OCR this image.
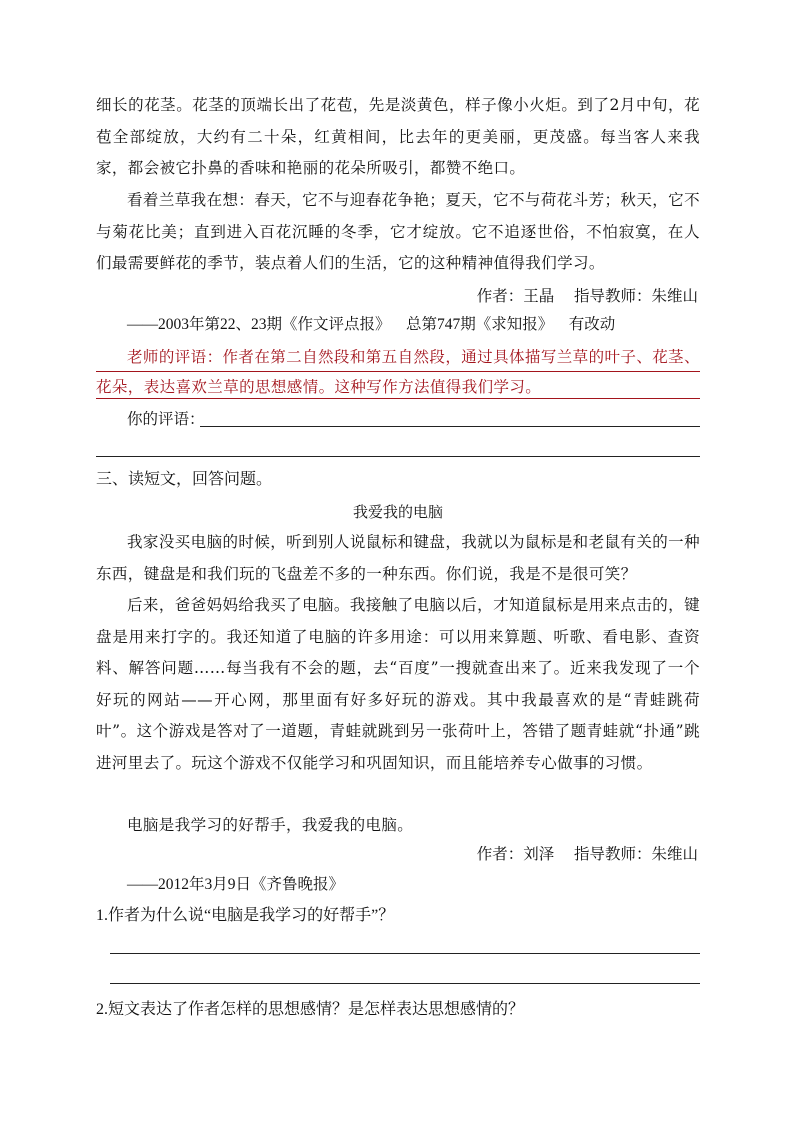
细长的花茎。花茎的顶端长出了花苞，先是淡黄色，样子像小火炬。到了2月中旬，花苞全部绽放，大约有二十朵，红黄相间，比去年的更美丽，更茂盛。每当客人来我家，都会被它扑鼻的香味和艳丽的花朵所吸引，都赞不绝口。

看着兰草我在想：春天，它不与迎春花争艳；夏天，它不与荷花斗芳；秋天，它不与菊花比美；直到进入百花沉睡的冬季，它才绽放。它不追逐世俗，不怕寂寞，在人们最需要鲜花的季节，装点着人们的生活，它的这种精神值得我们学习。

作者：王晶    指导教师：朱维山
——2003年第22、23期《作文评点报》    总第747期《求知报》    有改动

老师的评语：作者在第二自然段和第五自然段，通过具体描写兰草的叶子、花茎、花朵，表达喜欢兰草的思想感情。这种写作方法值得我们学习。

你的评语：
三、读短文，回答问题。
我爱我的电脑

我家没买电脑的时候，听到别人说鼠标和键盘，我就以为鼠标是和老鼠有关的一种东西，键盘是和我们玩的飞盘差不多的一种东西。你们说，我是不是很可笑？

后来，爸爸妈妈给我买了电脑。我接触了电脑以后，才知道鼠标是用来点击的，键盘是用来打字的。我还知道了电脑的许多用途：可以用来算题、听歌、看电影、查资料、解答问题……每当我有不会的题，去“百度”一搜就查出来了。近来我发现了一个好玩的网站——开心网，那里面有好多好玩的游戏。其中我最喜欢的是“青蛙跳荷叶”。这个游戏是答对了一道题，青蛙就跳到另一张荷叶上，答错了题青蛙就“扑通”跳进河里去了。玩这个游戏不仅能学习和巩固知识，而且能培养专心做事的习惯。

电脑是我学习的好帮手，我爱我的电脑。

作者：刘泽    指导教师：朱维山
——2012年3月9日《齐鲁晚报》
1.作者为什么说“电脑是我学习的好帮手”？
2.短文表达了作者怎样的思想感情？是怎样表达思想感情的？
